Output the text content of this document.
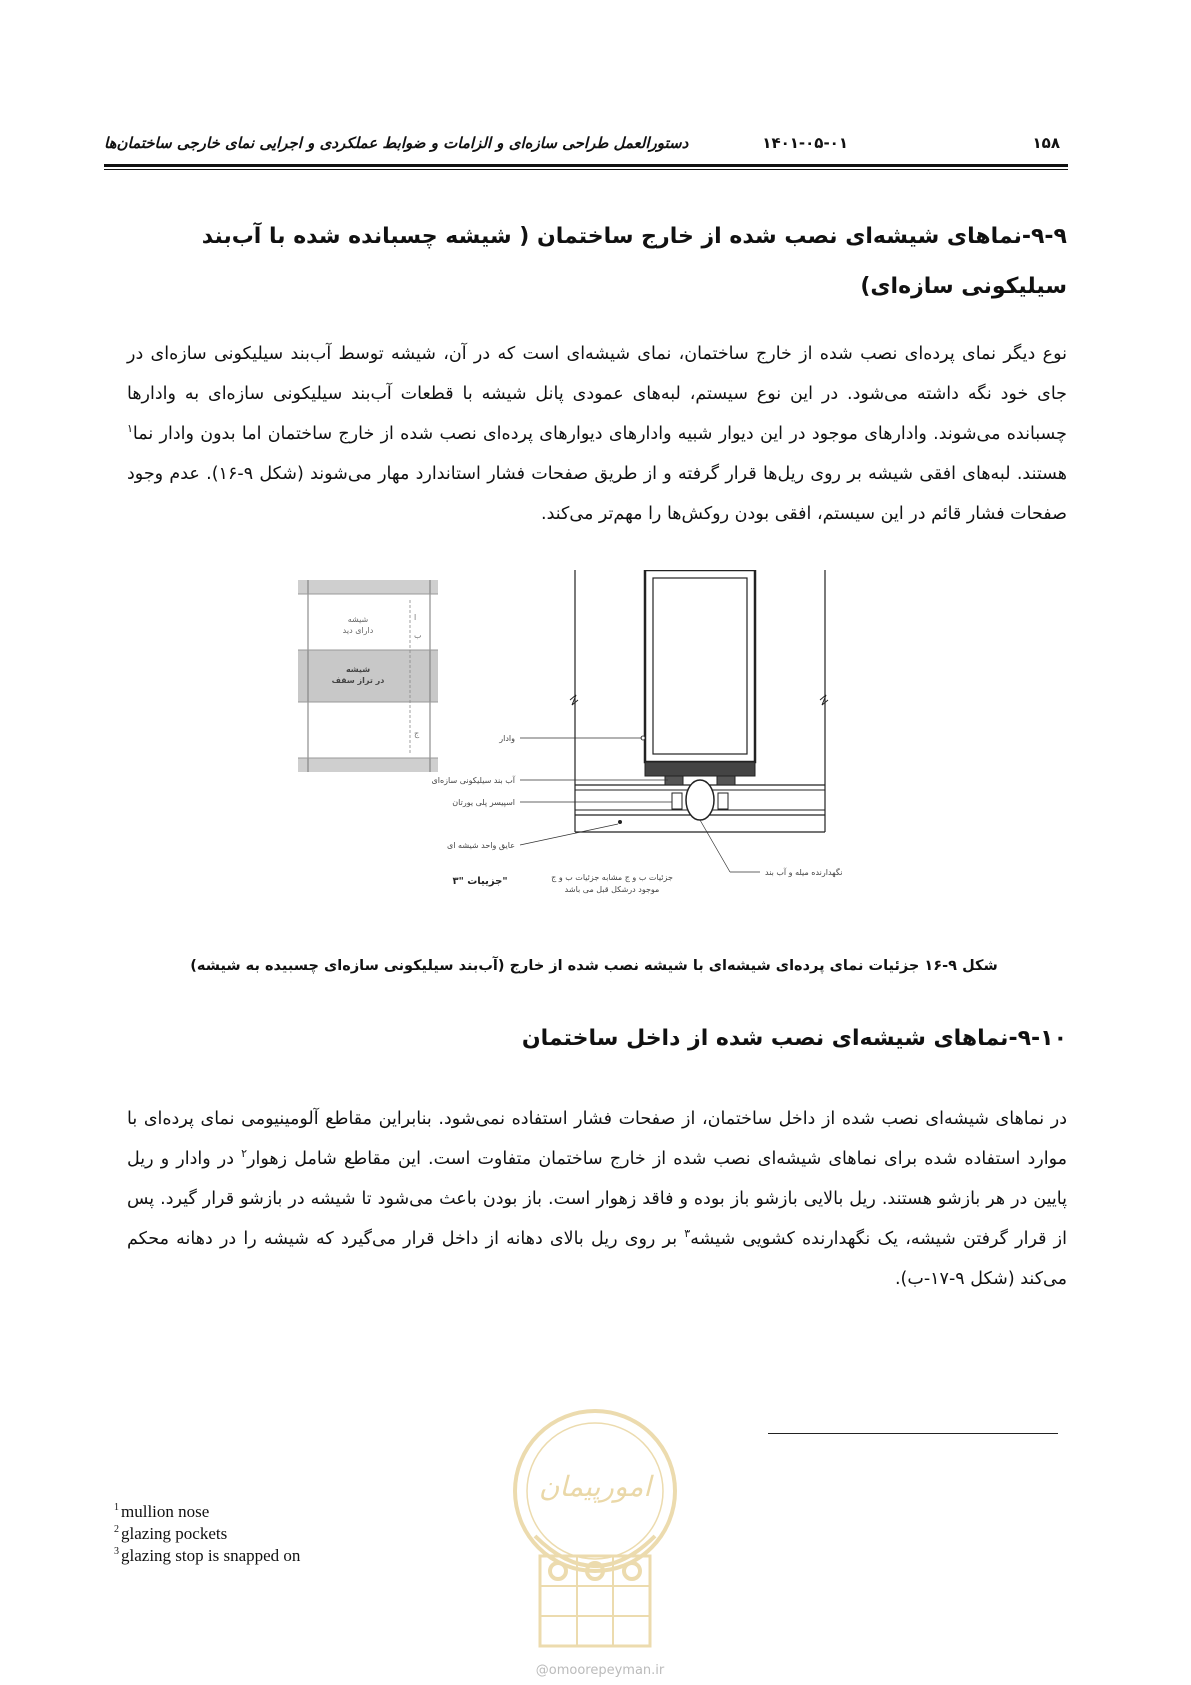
۱۵۸
۱۴۰۱-۰۵-۰۱
دستورالعمل طراحی سازه‌ای و الزامات و ضوابط عملکردی و اجرایی نمای خارجی ساختمان‌ها
۹-۹-نماهای شیشه‌ای نصب شده از خارج ساختمان ( شیشه چسبانده شده با آب‌بند سیلیکونی سازه‌ای)
نوع دیگر نمای پرده‌ای نصب شده از خارج ساختمان، نمای شیشه‌ای است که در آن، شیشه توسط آب‌بند سیلیکونی سازه‌ای در جای خود نگه داشته می‌شود. در این نوع سیستم، لبه‌های عمودی پانل شیشه با قطعات آب‌بند سیلیکونی سازه‌ای به وادارها چسبانده می‌شوند. وادارهای موجود در این دیوار شبیه وادارهای دیوارهای پرده‌ای نصب شده از خارج ساختمان اما بدون وادار نما$^۱$ هستند. لبه‌های افقی شیشه بر روی ریل‌ها قرار گرفته و از طریق صفحات فشار استاندارد مهار می‌شوند (شکل ۹-۱۶). عدم وجود صفحات فشار قائم در این سیستم، افقی بودن روکش‌ها را مهم‌تر می‌کند.
شیشه
دارای دید
شیشه
در تراز سقف
ا
ب
ج
وادار
آب بند سیلیکونی سازه‌ای
اسپیسر پلی یورتان
عایق واحد شیشه ای
نگهدارنده میله و آب بند
جزییات "۳"	جزئیات ب و ج مشابه جزئیات ب و ج
موجود درشکل قبل می باشد
شکل ۹-۱۶ جزئیات نمای پرده‌ای شیشه‌ای با شیشه نصب شده از خارج (آب‌بند سیلیکونی سازه‌ای چسبیده به شیشه)
۹-۱۰-نماهای شیشه‌ای نصب شده از داخل ساختمان
در نماهای شیشه‌ای نصب شده از داخل ساختمان، از صفحات فشار استفاده نمی‌شود. بنابراین مقاطع آلومینیومی نمای پرده‌ای با موارد استفاده شده برای نماهای شیشه‌ای نصب شده از خارج ساختمان متفاوت است. این مقاطع شامل زهوار$^۲$ در وادار و ریل پایین در هر بازشو هستند. ریل بالایی بازشو باز بوده و فاقد زهوار است. باز بودن باعث می‌شود تا شیشه در بازشو قرار گیرد. پس از قرار گرفتن شیشه، یک نگهدارنده کشویی شیشه$^۳$ بر روی ریل بالای دهانه از داخل قرار می‌گیرد که شیشه را در دهانه محکم می‌کند (شکل ۹-۱۷-ب).
$^1$ mullion nose
$^2$ glazing pockets
$^3$ glazing stop is snapped on
امورپیمان
@omoorepeyman.ir
